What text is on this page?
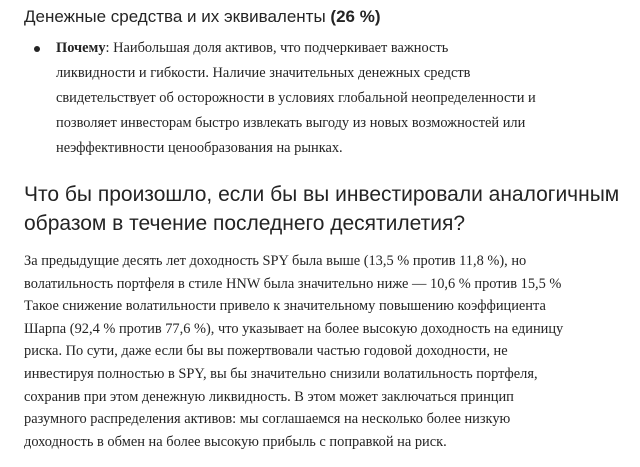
Денежные средства и их эквиваленты (26 %)
Почему: Наибольшая доля активов, что подчеркивает важность
ликвидности и гибкости. Наличие значительных денежных средств
свидетельствует об осторожности в условиях глобальной неопределенности и
позволяет инвесторам быстро извлекать выгоду из новых возможностей или
неэффективности ценообразования на рынках.
Что бы произошло, если бы вы инвестировали аналогичным
образом в течение последнего десятилетия?

За предыдущие десять лет доходность SPY была выше (13,5 % против 11,8 %), но
волатильность портфеля в стиле HNW была значительно ниже — 10,6 % против 15,5 %
Такое снижение волатильности привело к значительному повышению коэффициента
Шарпа (92,4 % против 77,6 %), что указывает на более высокую доходность на единицу
риска. По сути, даже если бы вы пожертвовали частью годовой доходности, не
инвестируя полностью в SPY, вы бы значительно снизили волатильность портфеля,
сохранив при этом денежную ликвидность. В этом может заключаться принцип
разумного распределения активов: мы соглашаемся на несколько более низкую
доходность в обмен на более высокую прибыль с поправкой на риск.
